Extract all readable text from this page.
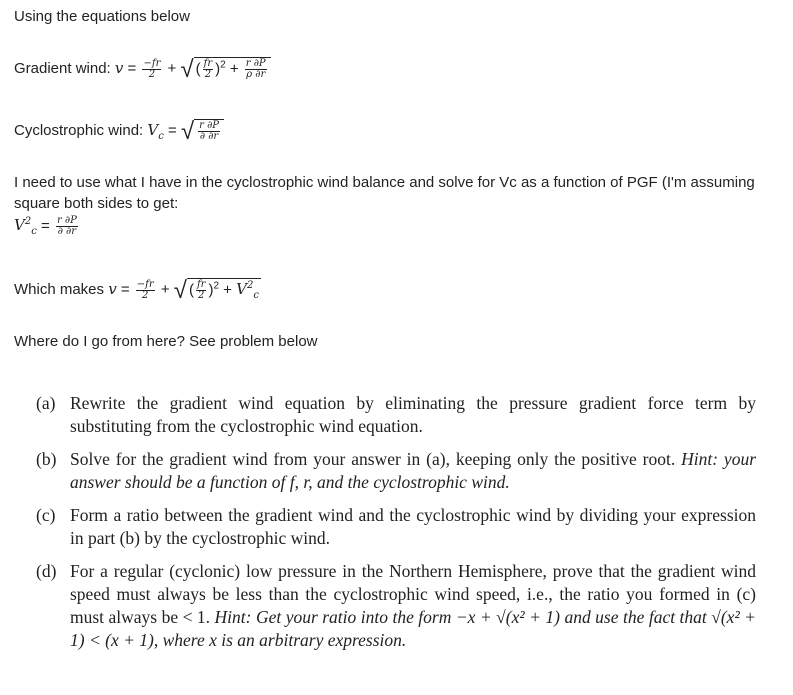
Using the equations below
Gradient wind: $v = \frac{-fr}{2}$ + √ ( $\frac{fr}{2} )^2 + \frac{r \partial P}{\rho \partial r}$
Cyclostrophic wind: $V_c$ = √ $\frac{r \partial P}{\partial \partial r}$
I need to use what I have in the cyclostrophic wind balance and solve for Vc as a function of PGF (I'm assuming square both sides to get:
$V^2_c = \frac{r \partial P}{\partial \partial r}$
Which makes $v = \frac{-fr}{2}$ + √ ( $\frac{fr}{2} )^2 + V^2_c$
Where do I go from here? See problem below
(a) Rewrite the gradient wind equation by eliminating the pressure gradient force term by substituting from the cyclostrophic wind equation.
(b) Solve for the gradient wind from your answer in (a), keeping only the positive root. Hint: your answer should be a function of f, r, and the cyclostrophic wind.
(c) Form a ratio between the gradient wind and the cyclostrophic wind by dividing your expression in part (b) by the cyclostrophic wind.
(d) For a regular (cyclonic) low pressure in the Northern Hemisphere, prove that the gradient wind speed must always be less than the cyclostrophic wind speed, i.e., the ratio you formed in (c) must always be < 1. Hint: Get your ratio into the form −x + √(x² + 1) and use the fact that √(x² + 1) < (x + 1), where x is an arbitrary expression.
